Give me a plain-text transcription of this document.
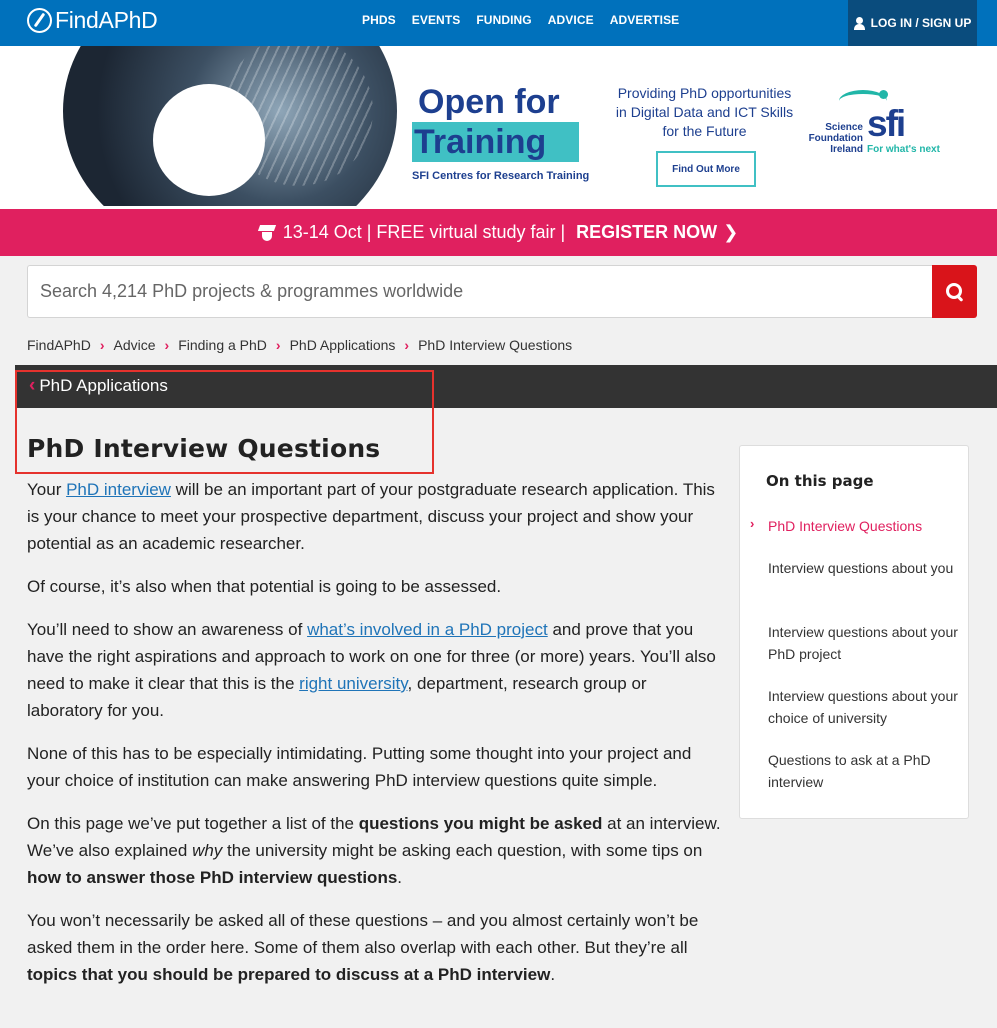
FindAPhD	PHDS EVENTS FUNDING ADVICE ADVERTISE	LOG IN / SIGN UP
Open for
Training
SFI Centres for Research Training
Providing PhD opportunities in Digital Data and ICT Skills for the Future
Find Out More
Science Foundation Ireland
sfi
For what's next
13-14 Oct | FREE virtual study fair | REGISTER NOW ❯
Search 4,214 PhD projects & programmes worldwide
FindAPhD › Advice › Finding a PhD › PhD Applications › PhD Interview Questions
‹ PhD Applications
PhD Interview Questions

Your PhD interview will be an important part of your postgraduate research application. This is your chance to meet your prospective department, discuss your project and show your potential as an academic researcher.

Of course, it’s also when that potential is going to be assessed.

You’ll need to show an awareness of what’s involved in a PhD project and prove that you have the right aspirations and approach to work on one for three (or more) years. You’ll also need to make it clear that this is the right university, department, research group or laboratory for you.

None of this has to be especially intimidating. Putting some thought into your project and your choice of institution can make answering PhD interview questions quite simple.

On this page we’ve put together a list of the questions you might be asked at an interview. We’ve also explained why the university might be asking each question, with some tips on how to answer those PhD interview questions.

You won’t necessarily be asked all of these questions – and you almost certainly won’t be asked them in the order here. Some of them also overlap with each other. But they’re all topics that you should be prepared to discuss at a PhD interview.

On this page
› PhD Interview Questions
Interview questions about you
Interview questions about your PhD project
Interview questions about your choice of university
Questions to ask at a PhD interview
